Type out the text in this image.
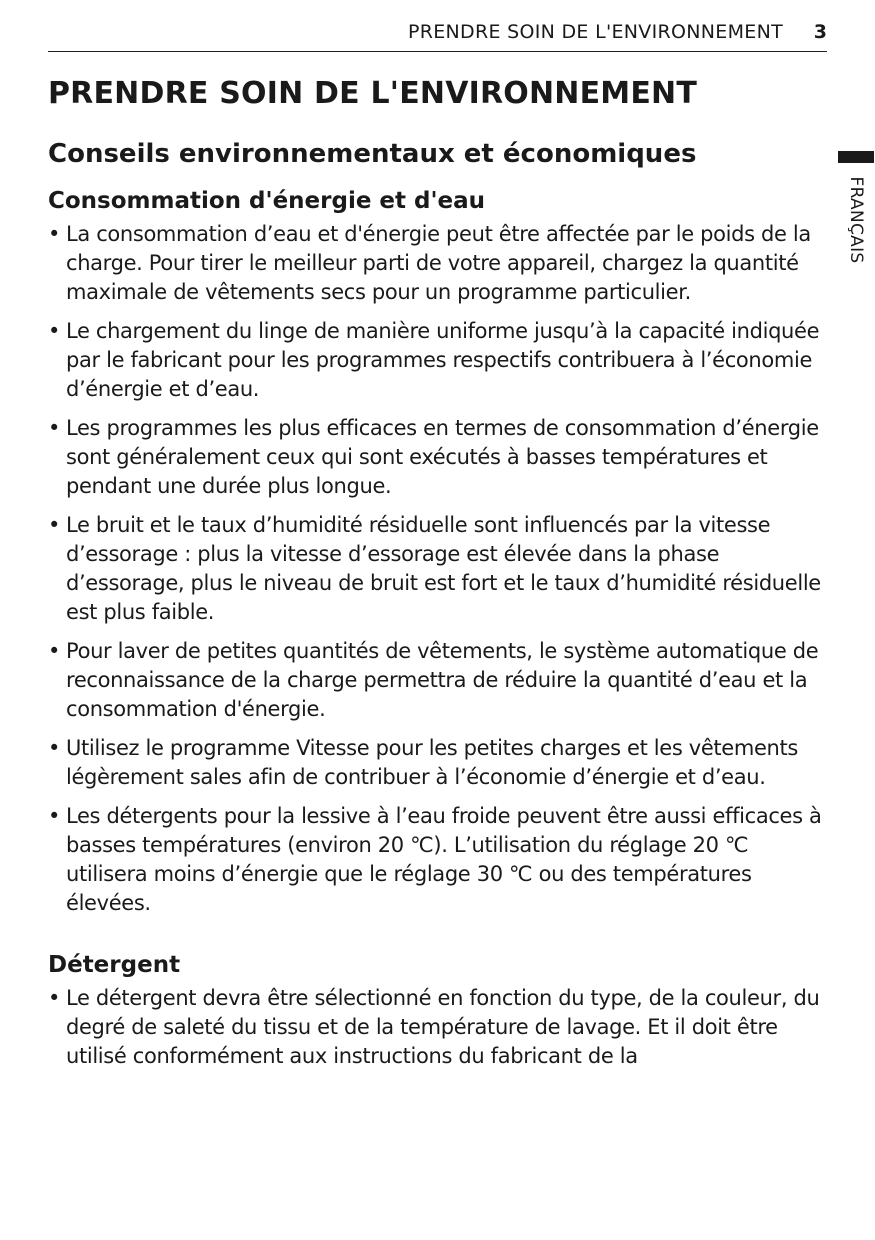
PRENDRE SOIN DE L'ENVIRONNEMENT 3
FRANÇAIS
PRENDRE SOIN DE L'ENVIRONNEMENT
Conseils environnementaux et économiques
Consommation d'énergie et d'eau
• La consommation d’eau et d'énergie peut être affectée par le poids de la charge. Pour tirer le meilleur parti de votre appareil, chargez la quantité maximale de vêtements secs pour un programme particulier.
• Le chargement du linge de manière uniforme jusqu’à la capacité indiquée par le fabricant pour les programmes respectifs contribuera à l’économie d’énergie et d’eau.
• Les programmes les plus efficaces en termes de consommation d’énergie sont généralement ceux qui sont exécutés à basses températures et pendant une durée plus longue.
• Le bruit et le taux d’humidité résiduelle sont influencés par la vitesse d’essorage : plus la vitesse d’essorage est élevée dans la phase d’essorage, plus le niveau de bruit est fort et le taux d’humidité résiduelle est plus faible.
• Pour laver de petites quantités de vêtements, le système automatique de reconnaissance de la charge permettra de réduire la quantité d’eau et la consommation d'énergie.
• Utilisez le programme Vitesse pour les petites charges et les vêtements légèrement sales afin de contribuer à l’économie d’énergie et d’eau.
• Les détergents pour la lessive à l’eau froide peuvent être aussi efficaces à basses températures (environ 20 ℃). L’utilisation du réglage 20 ℃ utilisera moins d’énergie que le réglage 30 ℃ ou des températures élevées.
Détergent
• Le détergent devra être sélectionné en fonction du type, de la couleur, du degré de saleté du tissu et de la température de lavage. Et il doit être utilisé conformément aux instructions du fabricant de la
